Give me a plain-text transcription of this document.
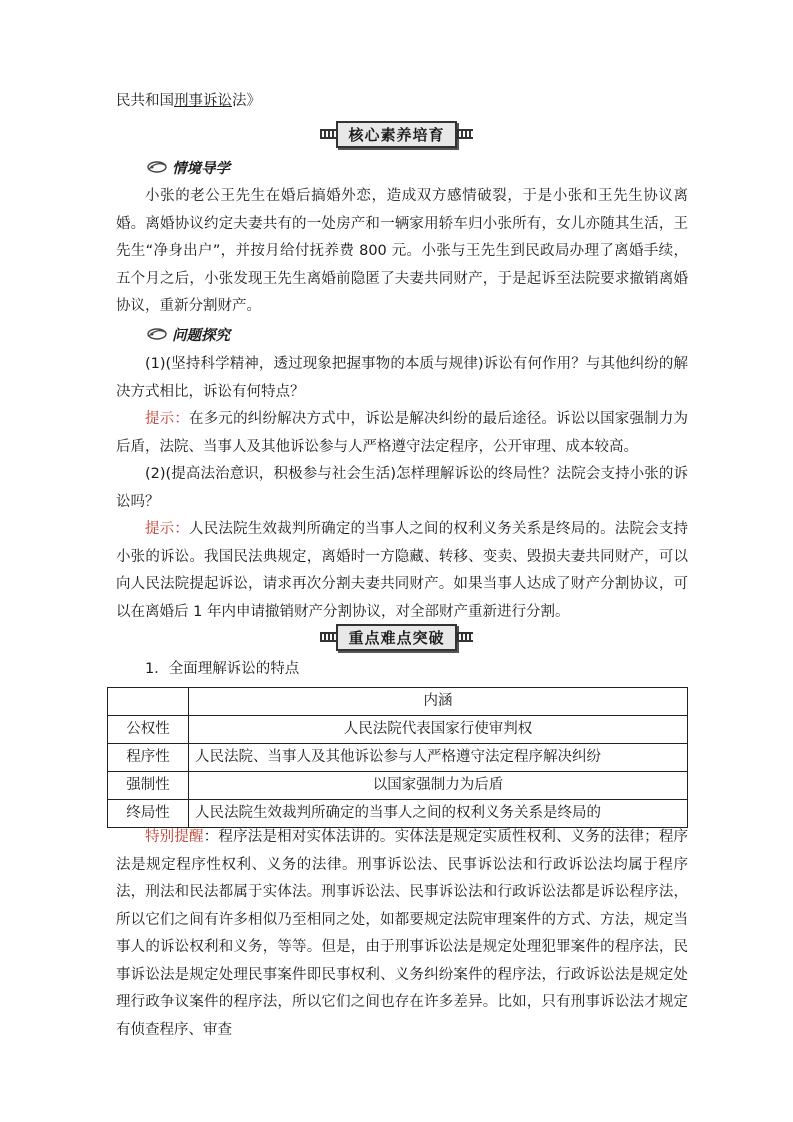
民共和国刑事诉讼法》

核心素养培育
情境导学

小张的老公王先生在婚后搞婚外恋，造成双方感情破裂，于是小张和王先生协议离婚。离婚协议约定夫妻共有的一处房产和一辆家用轿车归小张所有，女儿亦随其生活，王先生“净身出户”，并按月给付抚养费 800 元。小张与王先生到民政局办理了离婚手续，五个月之后，小张发现王先生离婚前隐匿了夫妻共同财产，于是起诉至法院要求撤销离婚协议，重新分割财产。

问题探究

(1)(坚持科学精神，透过现象把握事物的本质与规律)诉讼有何作用？与其他纠纷的解决方式相比，诉讼有何特点？

提示：在多元的纠纷解决方式中，诉讼是解决纠纷的最后途径。诉讼以国家强制力为后盾，法院、当事人及其他诉讼参与人严格遵守法定程序，公开审理、成本较高。

(2)(提高法治意识，积极参与社会生活)怎样理解诉讼的终局性？法院会支持小张的诉讼吗？

提示：人民法院生效裁判所确定的当事人之间的权利义务关系是终局的。法院会支持小张的诉讼。我国民法典规定，离婚时一方隐藏、转移、变卖、毁损夫妻共同财产，可以向人民法院提起诉讼，请求再次分割夫妻共同财产。如果当事人达成了财产分割协议，可以在离婚后 1 年内申请撤销财产分割协议，对全部财产重新进行分割。

重点难点突破

1．全面理解诉讼的特点

	内涵
公权性	人民法院代表国家行使审判权
程序性	人民法院、当事人及其他诉讼参与人严格遵守法定程序解决纠纷
强制性	以国家强制力为后盾
终局性	人民法院生效裁判所确定的当事人之间的权利义务关系是终局的

特别提醒：程序法是相对实体法讲的。实体法是规定实质性权利、义务的法律；程序法是规定程序性权利、义务的法律。刑事诉讼法、民事诉讼法和行政诉讼法均属于程序法，刑法和民法都属于实体法。刑事诉讼法、民事诉讼法和行政诉讼法都是诉讼程序法，所以它们之间有许多相似乃至相同之处，如都要规定法院审理案件的方式、方法，规定当事人的诉讼权利和义务，等等。但是，由于刑事诉讼法是规定处理犯罪案件的程序法，民事诉讼法是规定处理民事案件即民事权利、义务纠纷案件的程序法，行政诉讼法是规定处理行政争议案件的程序法，所以它们之间也存在许多差异。比如，只有刑事诉讼法才规定有侦查程序、审查
